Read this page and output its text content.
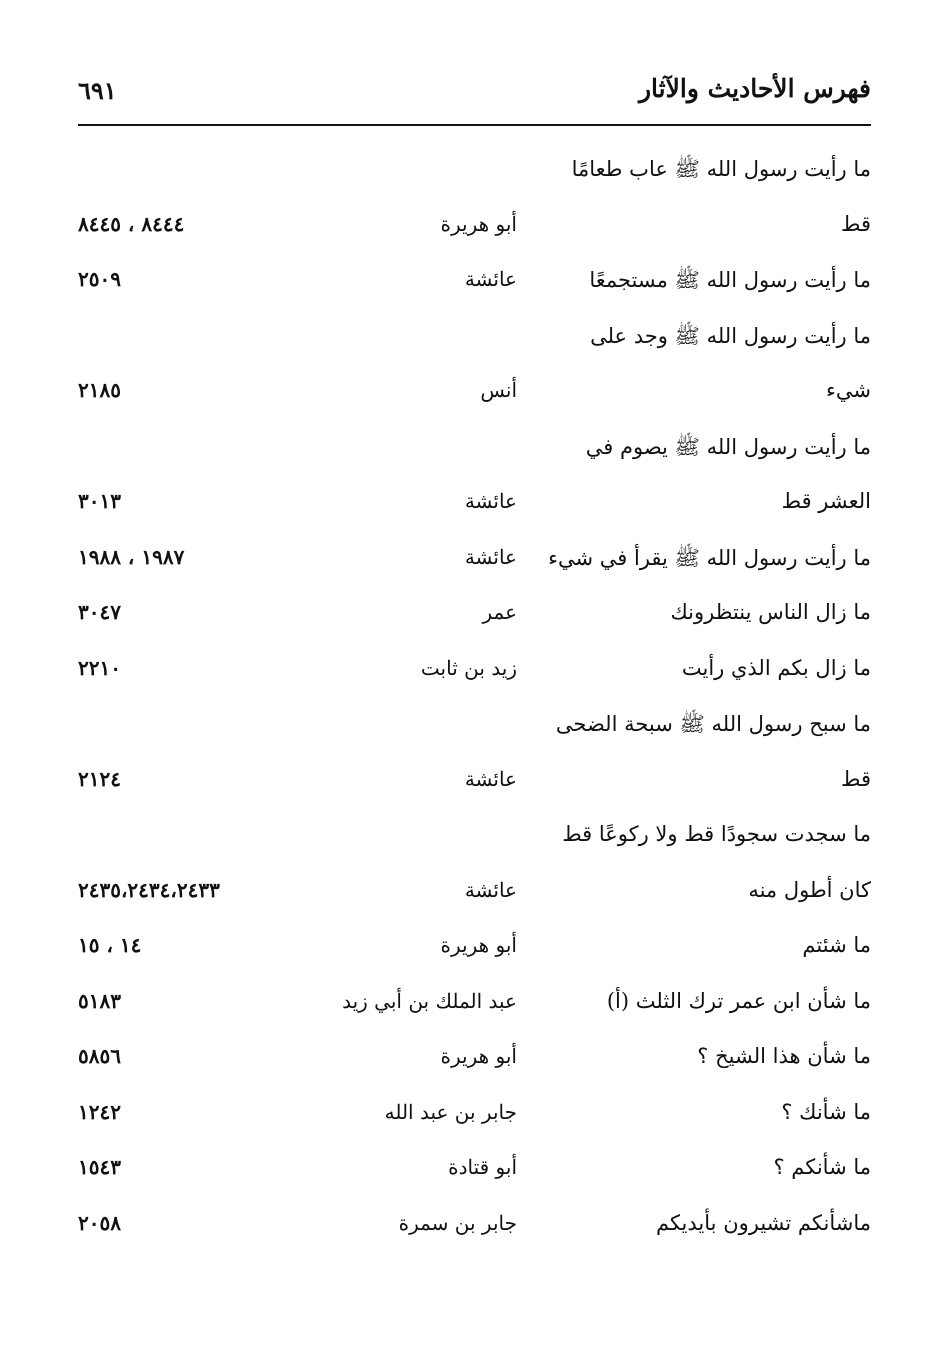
فهرس الأحاديث والآثار
٦٩١
ما رأيت رسول الله ﷺ عاب طعامًا
قط
أبو هريرة
٨٤٤٤ ، ٨٤٤٥
ما رأيت رسول الله ﷺ مستجمعًا
عائشة
٢٥٠٩
ما رأيت رسول الله ﷺ وجد على
شيء
أنس
٢١٨٥
ما رأيت رسول الله ﷺ يصوم في
العشر قط
عائشة
٣٠١٣
ما رأيت رسول الله ﷺ يقرأ في شيء
عائشة
١٩٨٧ ، ١٩٨٨
ما زال الناس ينتظرونك
عمر
٣٠٤٧
ما زال بكم الذي رأيت
زيد بن ثابت
٢٢١٠
ما سبح رسول الله ﷺ سبحة الضحى
قط
عائشة
٢١٢٤
ما سجدت سجودًا قط ولا ركوعًا قط
كان أطول منه
عائشة
٢٤٣٥،٢٤٣٤،٢٤٣٣
ما شئتم
أبو هريرة
١٤ ، ١٥
ما شأن ابن عمر ترك الثلث (أ)
عبد الملك بن أبي زيد
٥١٨٣
ما شأن هذا الشيخ ؟
أبو هريرة
٥٨٥٦
ما شأنك ؟
جابر بن عبد الله
١٢٤٢
ما شأنكم ؟
أبو قتادة
١٥٤٣
ماشأنكم تشيرون بأيديكم
جابر بن سمرة
٢٠٥٨
